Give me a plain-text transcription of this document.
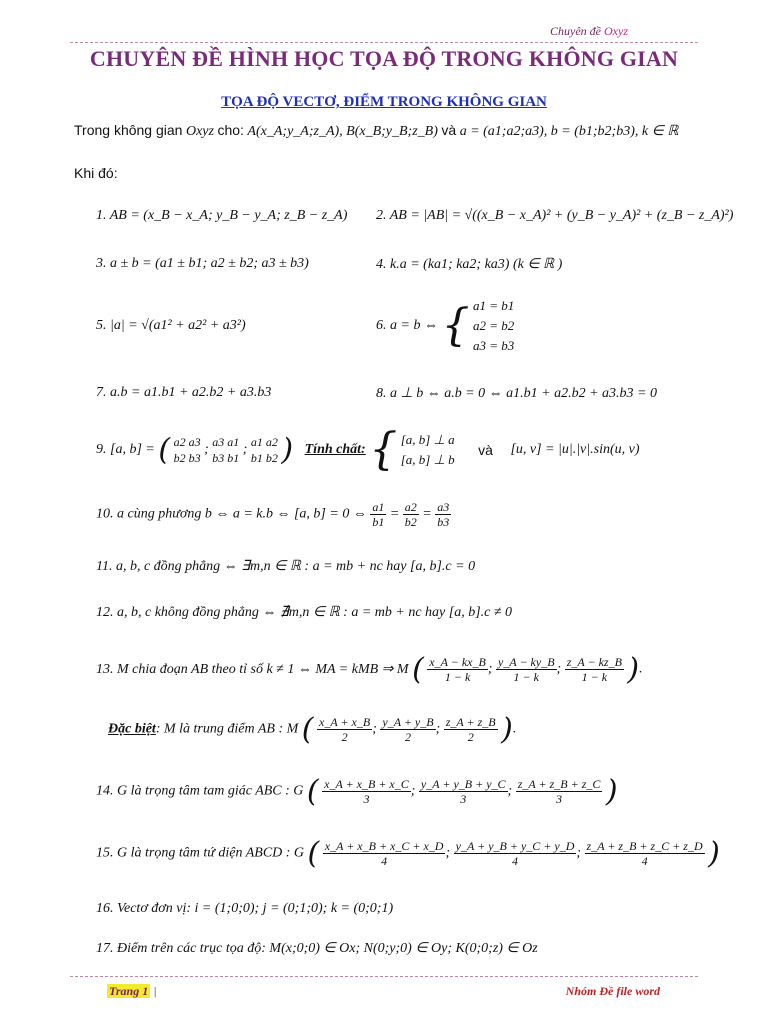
Chuyên đề Oxyz
CHUYÊN ĐỀ HÌNH HỌC TỌA ĐỘ TRONG KHÔNG GIAN
TỌA ĐỘ VECTƠ, ĐIỂM TRONG KHÔNG GIAN
Trong không gian Oxyz cho: A(x_A;y_A;z_A), B(x_B;y_B;z_B) và a = (a1;a2;a3), b = (b1;b2;b3), k ∈ ℝ
Khi đó:
1. AB = (x_B − x_A; y_B − y_A; z_B − z_A) 2. AB = |AB| = √((x_B − x_A)² + (y_B − y_A)² + (z_B − z_A)²)
3. a ± b = (a1 ± b1; a2 ± b2; a3 ± b3)	4. k.a = (ka1; ka2; ka3) (k ∈ ℝ )
5. |a| = √(a1² + a2² + a3²)	6. a = b ⇔ { a1 = b1
a2 = b2
a3 = b3
7. a.b = a1.b1 + a2.b2 + a3.b3	8. a ⊥ b ⇔ a.b = 0 ⇔ a1.b1 + a2.b2 + a3.b3 = 0
9. [a, b] = ( a2 a3
b2 b3
; a3 a1
b3 b1
; a1 a2
b1 b2 ) Tính chất: { [a, b] ⊥ a
[a, b] ⊥ b
và [u, v] = |u|.|v|.sin(u, v)
10. a cùng phương b ⇔ a = k.b ⇔ [a, b] = 0 ⇔ $\frac{a1}{b1} = \frac{a2}{b2} = \frac{a3}{b3}$
11. a, b, c đồng phẳng ⇔ ∃m,n ∈ ℝ : a = mb + nc hay [a, b].c = 0
12. a, b, c không đồng phẳng ⇔ ∄m,n ∈ ℝ : a = mb + nc hay [a, b].c ≠ 0
13. M chia đoạn AB theo tỉ số k ≠ 1 ⇔ MA = kMB ⇒ M ( $\frac{x\_A - kx\_B}{1 - k}$ ; $\frac{y\_A - ky\_B}{1 - k}$ ; $\frac{z\_A - kz\_B}{1 - k}$ ).
Đặc biệt: M là trung điểm AB : M ( $\frac{x\_A + x\_B}{2}$ ; $\frac{y\_A + y\_B}{2}$ ; $\frac{z\_A + z\_B}{2}$ ).
14. G là trọng tâm tam giác ABC : G ( $\frac{x\_A + x\_B + x\_C}{3}$ ; $\frac{y\_A + y\_B + y\_C}{3}$ ; $\frac{z\_A + z\_B + z\_C}{3}$ )
15. G là trọng tâm tứ diện ABCD : G ( $\frac{x\_A + x\_B + x\_C + x\_D}{4}$ ; $\frac{y\_A + y\_B + y\_C + y\_D}{4}$ ; $\frac{z\_A + z\_B + z\_C + z\_D}{4}$ )
16. Vectơ đơn vị: i = (1;0;0); j = (0;1;0); k = (0;0;1)
17. Điểm trên các trục tọa độ: M(x;0;0) ∈ Ox; N(0;y;0) ∈ Oy; K(0;0;z) ∈ Oz
Trang 1 |	Nhóm Đề file word
